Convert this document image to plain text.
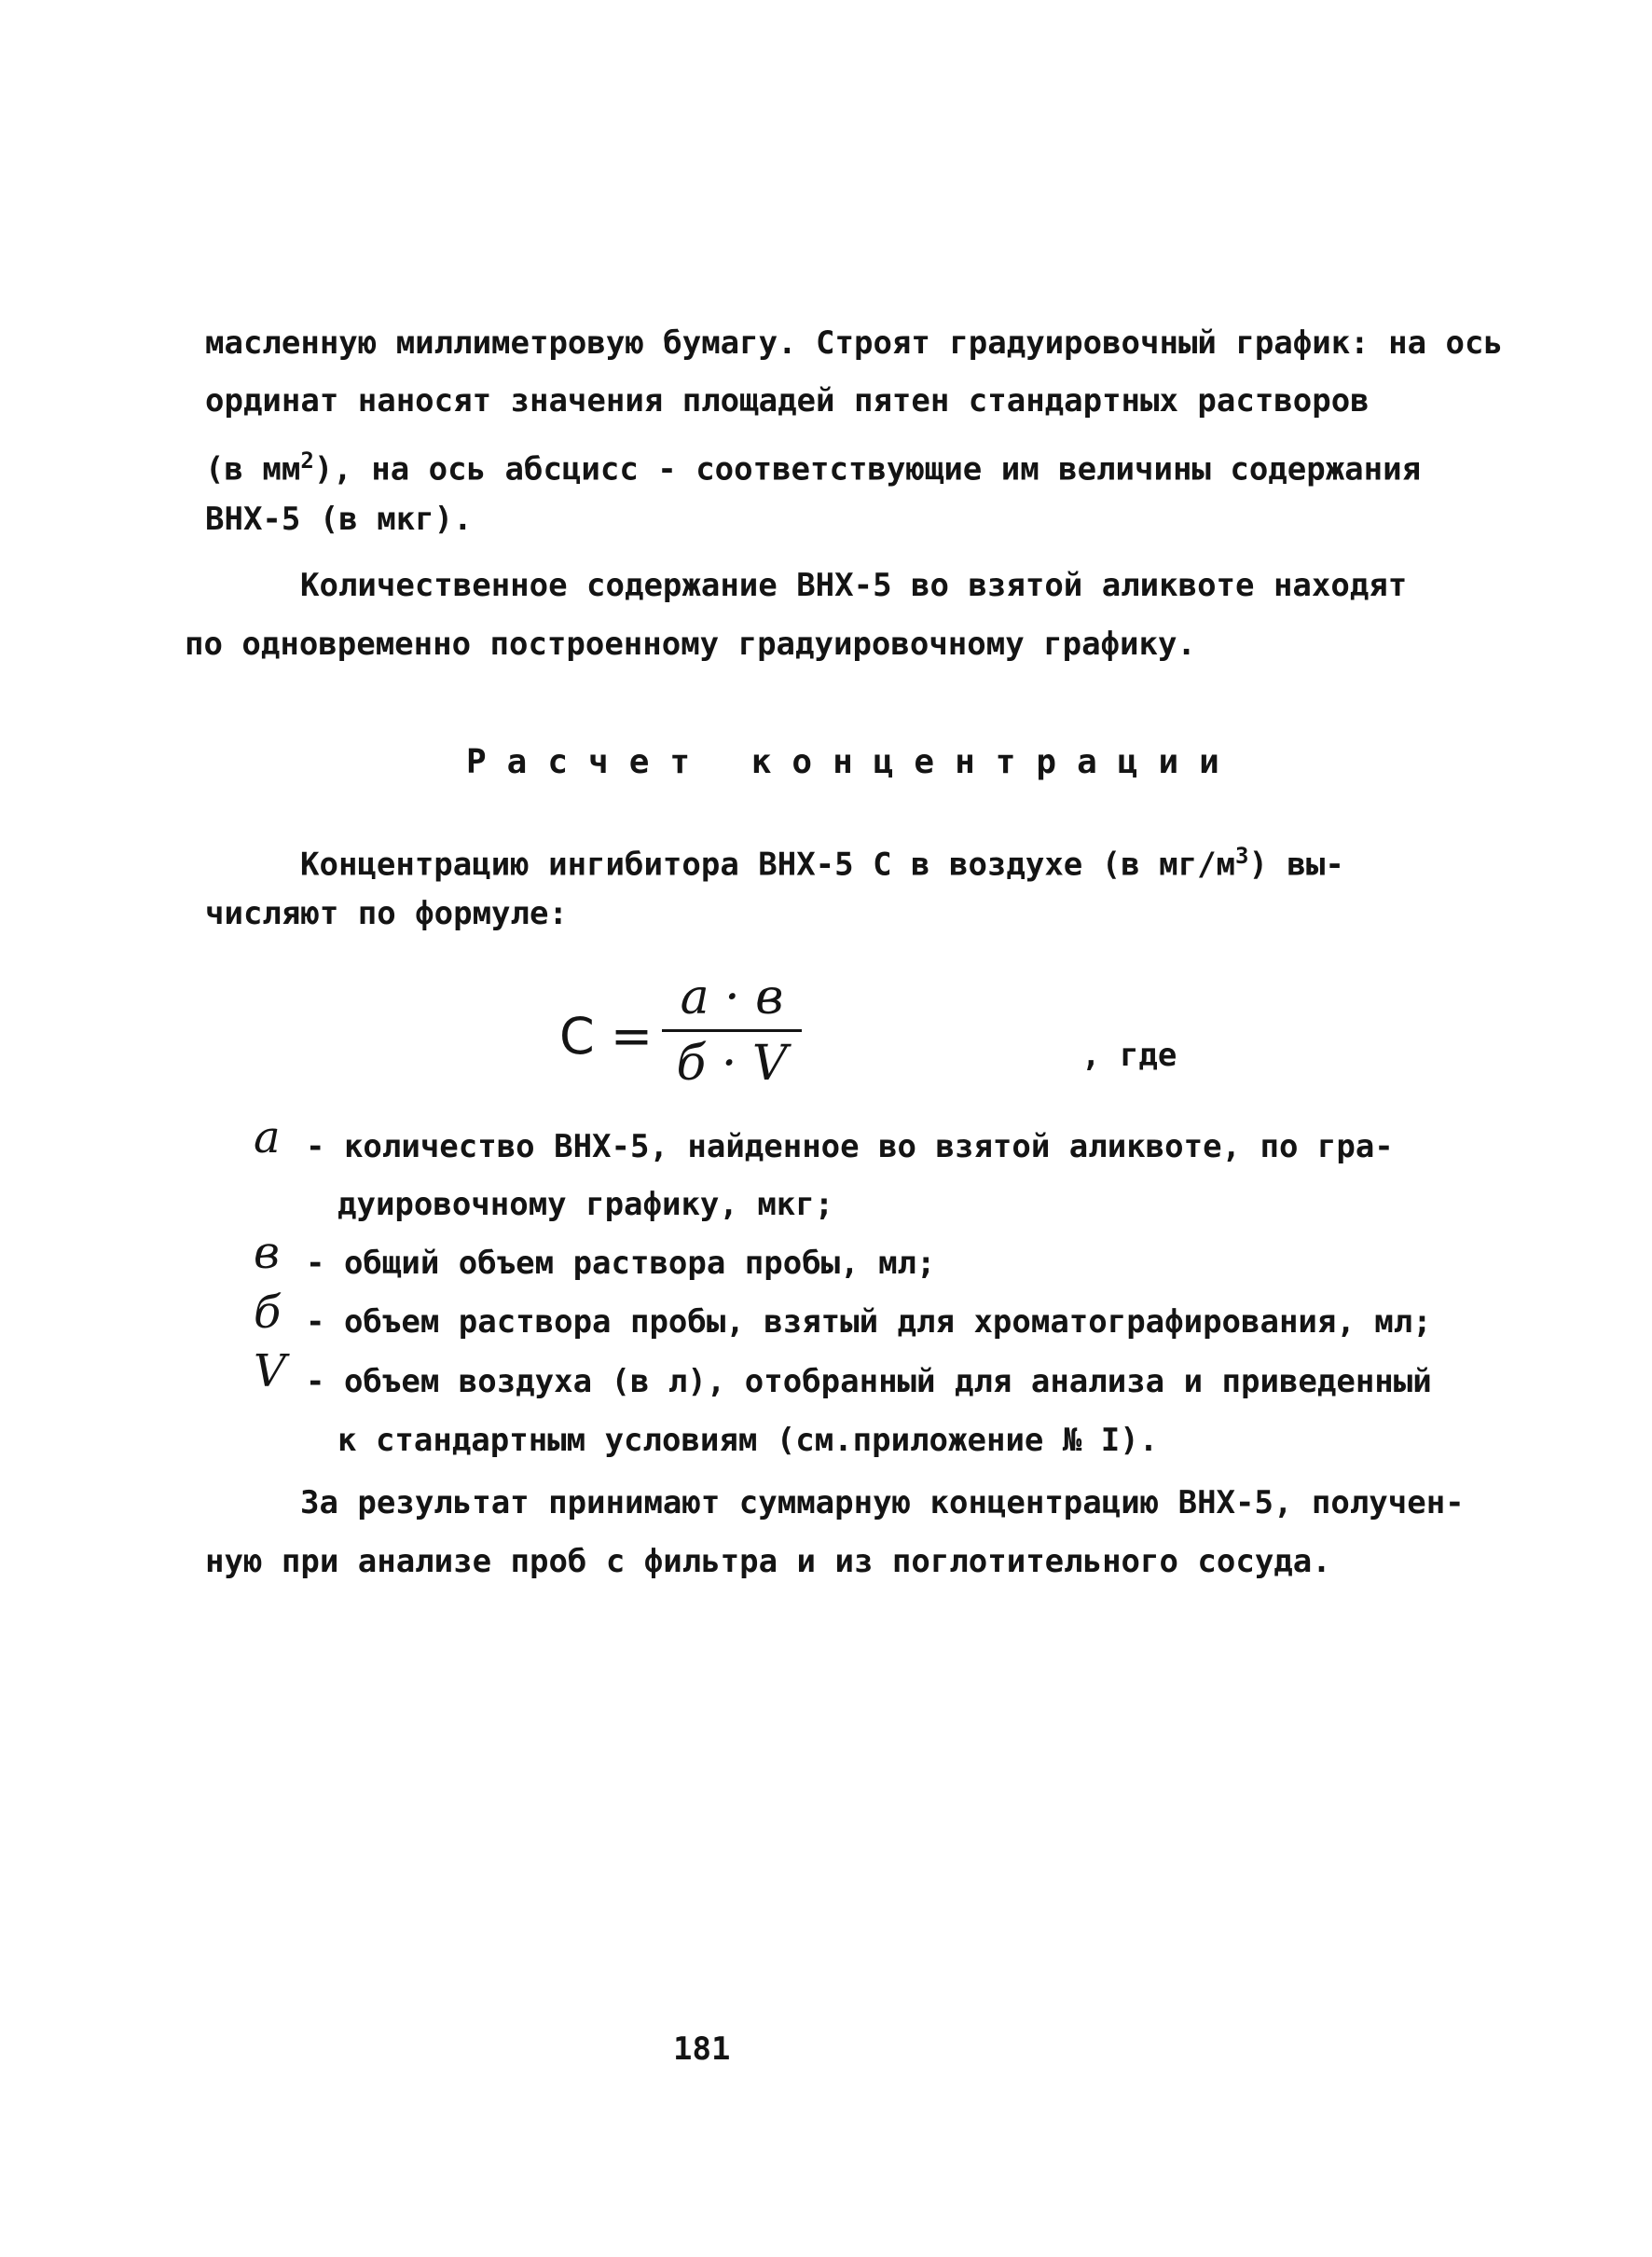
масленную миллиметровую бумагу. Строят градуировочный график: на ось
ординат наносят значения площадей пятен стандартных растворов
(в $мм^2$), на ось абсцисс - соответствующие им величины содержания
ВНХ-5 (в мкг).
Количественное содержание ВНХ-5 во взятой аликвоте находят
по одновременно построенному градуировочному графику.
Расчет концентрации
Концентрацию ингибитора ВНХ-5 С в воздухе (в $мг/м^3$) вы-
числяют по формуле:
С =
a · в
б · V	, где
a - количество ВНХ-5, найденное во взятой аликвоте, по гра-
дуировочному графику, мкг;
в - общий объем раствора пробы, мл;
б - объем раствора пробы, взятый для хроматографирования, мл;
V - объем воздуха (в л), отобранный для анализа и приведенный
к стандартным условиям (см.приложение № I).
За результат принимают суммарную концентрацию ВНХ-5, получен-
ную при анализе проб с фильтра и из поглотительного сосуда.
181
